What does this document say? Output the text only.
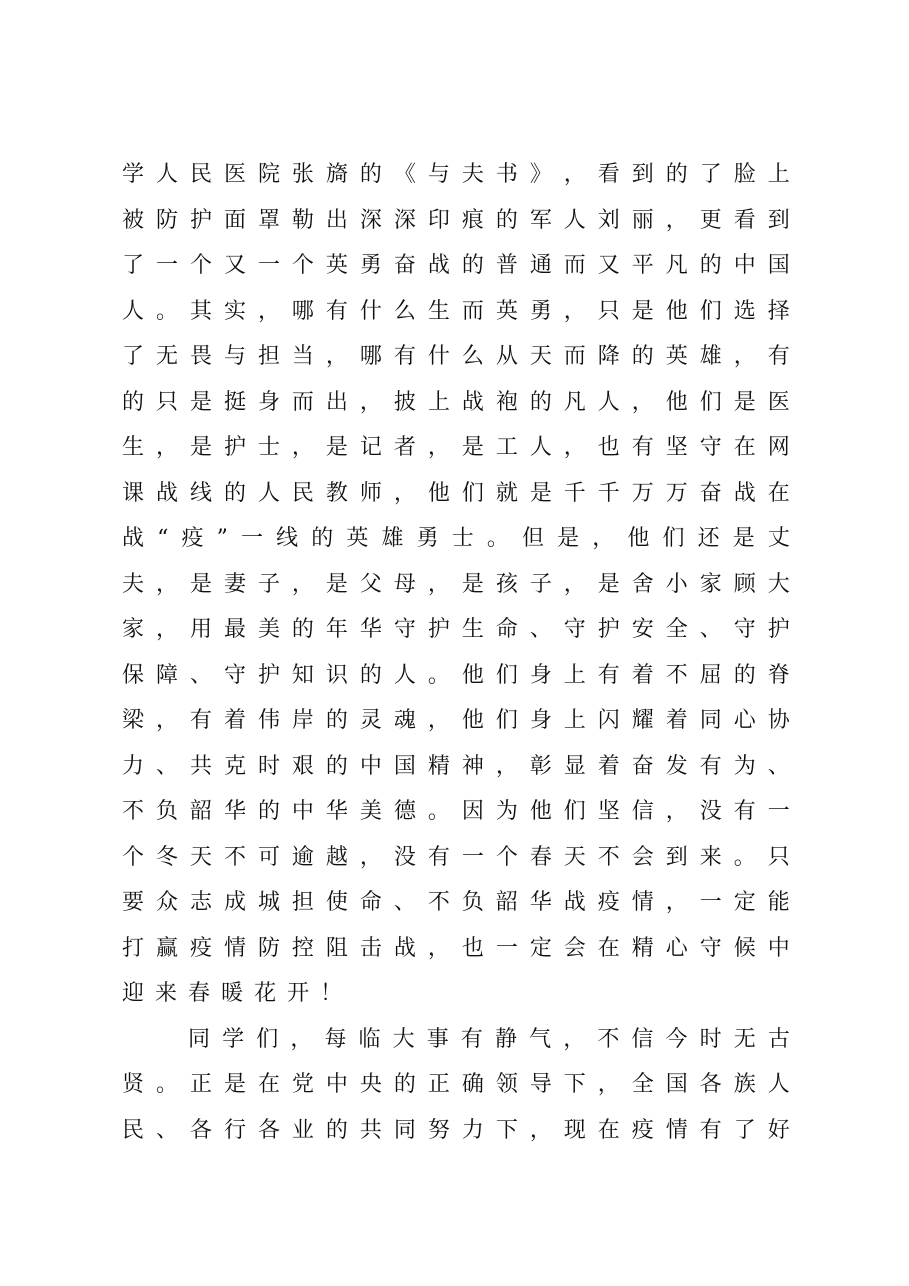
学 人 民 医 院 张 旖 的 《 与 夫 书 》 ， 看 到 的 了 脸 上
被 防 护 面 罩 勒 出 深 深 印 痕 的 军 人 刘 丽 ， 更 看 到
了 一 个 又 一 个 英 勇 奋 战 的 普 通 而 又 平 凡 的 中 国
人 。 其 实 ， 哪 有 什 么 生 而 英 勇 ， 只 是 他 们 选 择
了 无 畏 与 担 当 ， 哪 有 什 么 从 天 而 降 的 英 雄 ， 有
的 只 是 挺 身 而 出 ， 披 上 战 袍 的 凡 人 ， 他 们 是 医
生 ， 是 护 士 ， 是 记 者 ， 是 工 人 ， 也 有 坚 守 在 网
课 战 线 的 人 民 教 师 ， 他 们 就 是 千 千 万 万 奋 战 在
战 “ 疫 ” 一 线 的 英 雄 勇 士 。 但 是 ， 他 们 还 是 丈
夫 ， 是 妻 子 ， 是 父 母 ， 是 孩 子 ， 是 舍 小 家 顾 大
家 ， 用 最 美 的 年 华 守 护 生 命 、 守 护 安 全 、 守 护
保 障 、 守 护 知 识 的 人 。 他 们 身 上 有 着 不 屈 的 脊
梁 ， 有 着 伟 岸 的 灵 魂 ， 他 们 身 上 闪 耀 着 同 心 协
力 、 共 克 时 艰 的 中 国 精 神 ， 彰 显 着 奋 发 有 为 、
不 负 韶 华 的 中 华 美 德 。 因 为 他 们 坚 信 ， 没 有 一
个 冬 天 不 可 逾 越 ， 没 有 一 个 春 天 不 会 到 来 。 只
要 众 志 成 城 担 使 命 、 不 负 韶 华 战 疫 情 ， 一 定 能
打 赢 疫 情 防 控 阻 击 战 ， 也 一 定 会 在 精 心 守 候 中
迎 来 春 暖 花 开 ！
同 学 们 ， 每 临 大 事 有 静 气 ， 不 信 今 时 无 古
贤 。 正 是 在 党 中 央 的 正 确 领 导 下 ， 全 国 各 族 人
民 、 各 行 各 业 的 共 同 努 力 下 ， 现 在 疫 情 有 了 好
